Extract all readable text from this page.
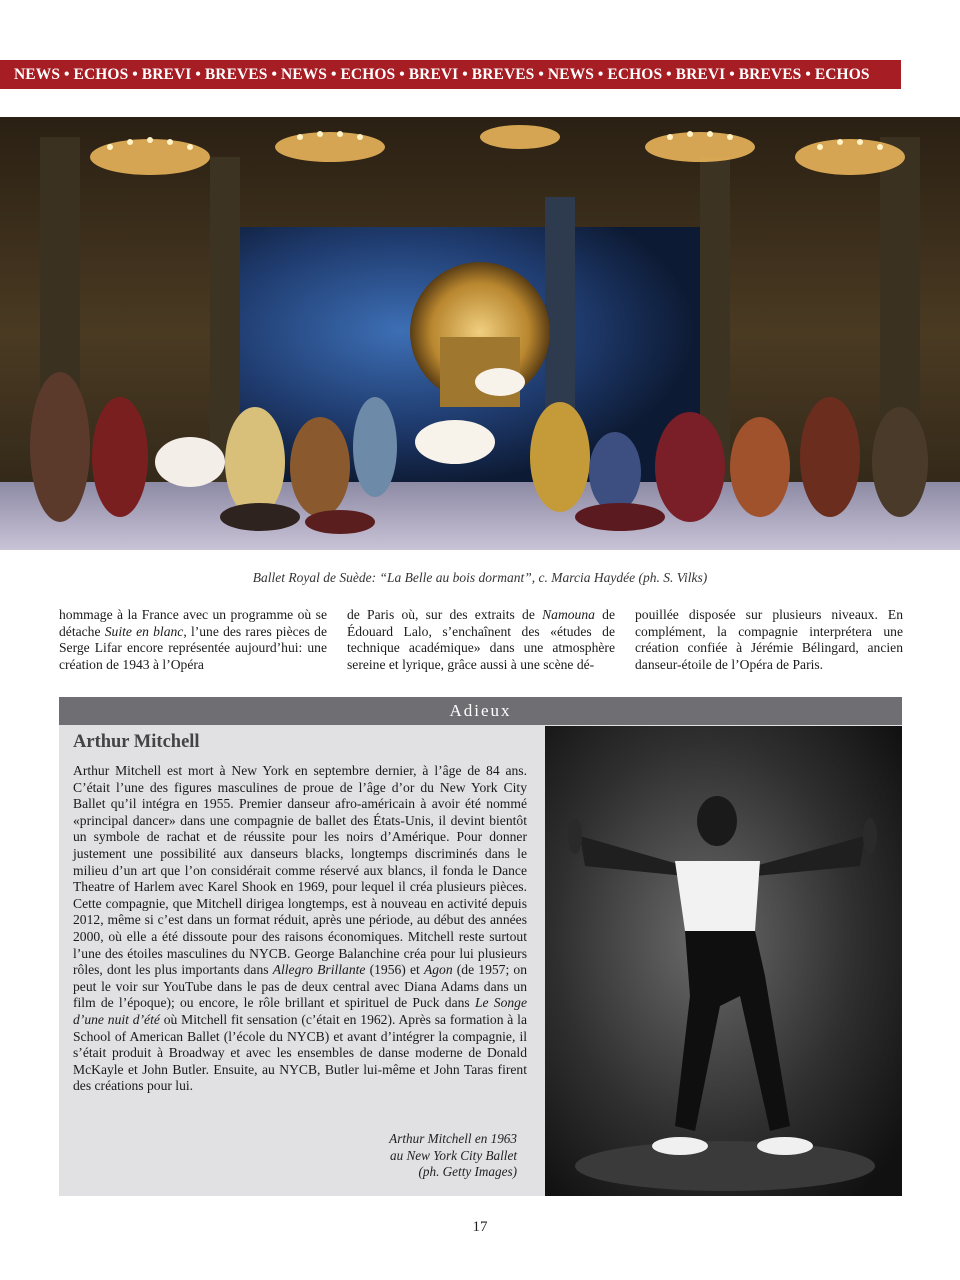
NEWS • ECHOS • BREVI • BREVES • NEWS • ECHOS • BREVI • BREVES • NEWS • ECHOS • BREVI • BREVES • ECHOS
Ballet Royal de Suède: “La Belle au bois dormant”, c. Marcia Haydée (ph. S. Vilks)
hommage à la France avec un programme où se détache Suite en blanc, l’une des rares pièces de Serge Lifar encore représentée aujourd’hui: une création de 1943 à l’Opéra
de Paris où, sur des extraits de Namouna de Édouard Lalo, s’enchaînent des «études de technique académique» dans une atmosphère sereine et lyrique, grâce aussi à une scène dé-
pouillée disposée sur plusieurs niveaux. En complément, la compagnie interprétera une création confiée à Jérémie Bélingard, ancien danseur-étoile de l’Opéra de Paris.
Adieux
Arthur Mitchell
Arthur Mitchell est mort à New York en septembre dernier, à l’âge de 84 ans. C’était l’une des figures masculines de proue de l’âge d’or du New York City Ballet qu’il intégra en 1955. Premier danseur afro-américain à avoir été nommé «principal dancer» dans une compagnie de ballet des États-Unis, il devint bientôt un symbole de rachat et de réussite pour les noirs d’Amérique. Pour donner justement une possibilité aux danseurs blacks, longtemps discriminés dans le milieu d’un art que l’on considérait comme réservé aux blancs, il fonda le Dance Theatre of Harlem avec Karel Shook en 1969, pour lequel il créa plusieurs pièces. Cette compagnie, que Mitchell dirigea longtemps, est à nouveau en activité depuis 2012, même si c’est dans un format réduit, après une période, au début des années 2000, où elle a été dissoute pour des raisons économiques. Mitchell reste surtout l’une des étoiles masculines du NYCB. George Balanchine créa pour lui plusieurs rôles, dont les plus importants dans Allegro Brillante (1956) et Agon (de 1957; on peut le voir sur YouTube dans le pas de deux central avec Diana Adams dans un film de l’époque); ou encore, le rôle brillant et spirituel de Puck dans Le Songe d’une nuit d’été où Mitchell fit sensation (c’était en 1962). Après sa formation à la School of American Ballet (l’école du NYCB) et avant d’intégrer la compagnie, il s’était produit à Broadway et avec les ensembles de danse moderne de Donald McKayle et John Butler. Ensuite, au NYCB, Butler lui-même et John Taras firent des créations pour lui.
Arthur Mitchell en 1963
au New York City Ballet
(ph. Getty Images)
17
